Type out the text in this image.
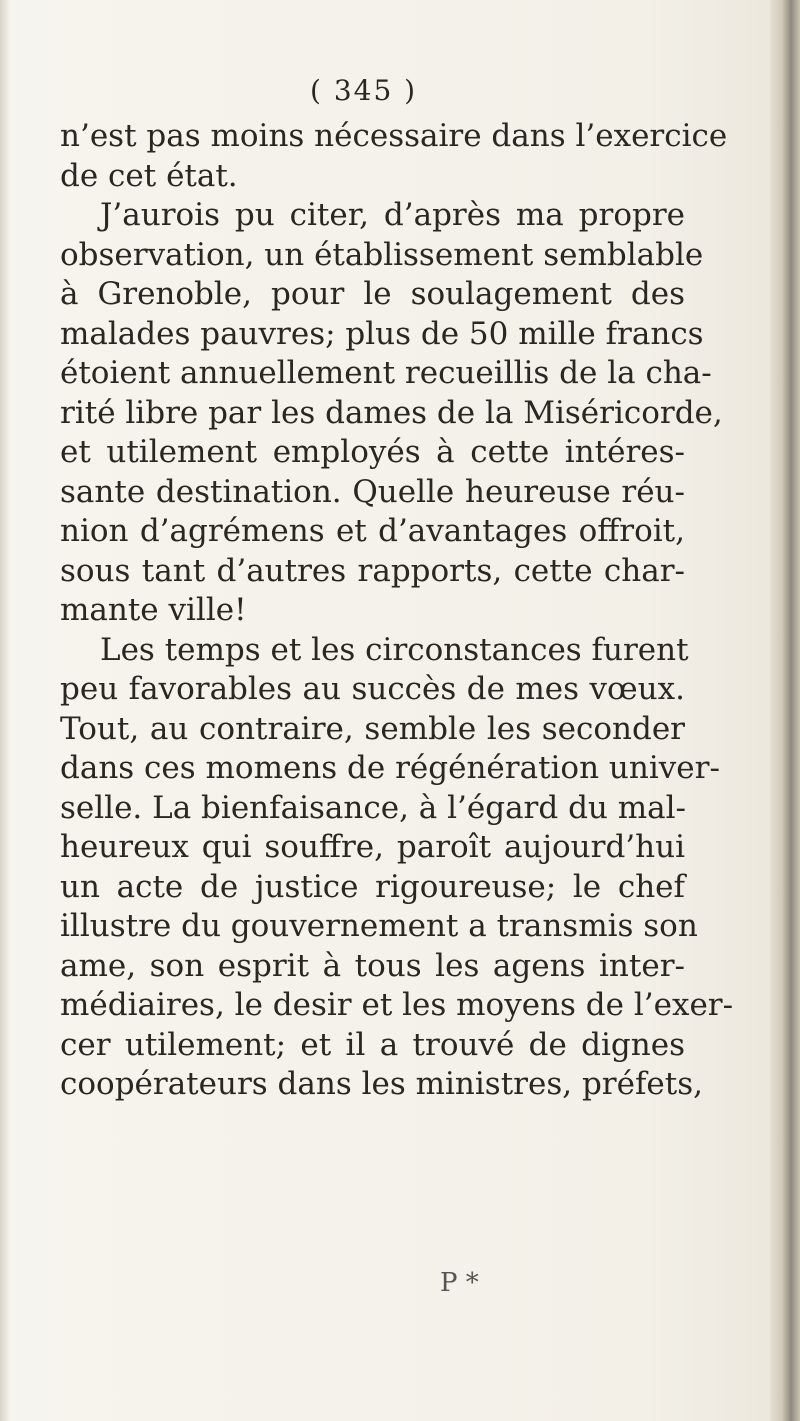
( 345 )
n’est pas moins nécessaire dans l’exercice
de cet état.
J’aurois pu citer, d’après ma propre
observation, un établissement semblable
à Grenoble, pour le soulagement des
malades pauvres; plus de 50 mille francs
étoient annuellement recueillis de la cha-
rité libre par les dames de la Miséricorde,
et utilement employés à cette intéres-
sante destination. Quelle heureuse réu-
nion d’agrémens et d’avantages offroit,
sous tant d’autres rapports, cette char-
mante ville!
Les temps et les circonstances furent
peu favorables au succès de mes vœux.
Tout, au contraire, semble les seconder
dans ces momens de régénération univer-
selle. La bienfaisance, à l’égard du mal-
heureux qui souffre, paroît aujourd’hui
un acte de justice rigoureuse; le chef
illustre du gouvernement a transmis son
ame, son esprit à tous les agens inter-
médiaires, le desir et les moyens de l’exer-
cer utilement; et il a trouvé de dignes
coopérateurs dans les ministres, préfets,
P *
